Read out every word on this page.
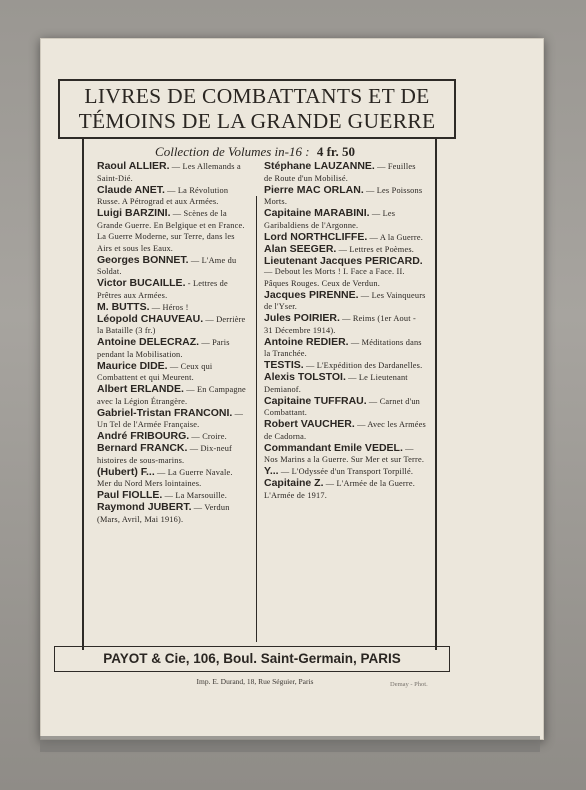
LIVRES DE COMBATTANTS ET DE
TÉMOINS DE LA GRANDE GUERRE
Collection de Volumes in-16 : 4 fr. 50
Raoul ALLIER. — Les Allemands a Saint-Dié.
Claude ANET. — La Révolution Russe. A Pétrograd et aux Armées.
Luigi BARZINI. — Scènes de la Grande Guerre. En Belgique et en France. La Guerre Moderne, sur Terre, dans les Airs et sous les Eaux.
Georges BONNET. — L'Ame du Soldat.
Victor BUCAILLE. - Lettres de Prêtres aux Armées.
M. BUTTS. — Héros !
Léopold CHAUVEAU. — Derrière la Bataille (3 fr.)
Antoine DELECRAZ. — Paris pendant la Mobilisation.
Maurice DIDE. — Ceux qui Combattent et qui Meurent.
Albert ERLANDE. — En Campagne avec la Légion Étrangère.
Gabriel-Tristan FRANCONI. — Un Tel de l'Armée Française.
André FRIBOURG. — Croire.
Bernard FRANCK. — Dix-neuf histoires de sous-marins.
(Hubert) F... — La Guerre Navale. Mer du Nord Mers lointaines.
Paul FIOLLE. — La Marsouille.
Raymond JUBERT. — Verdun (Mars, Avril, Mai 1916).
Stéphane LAUZANNE. — Feuilles de Route d'un Mobilisé.
Pierre MAC ORLAN. — Les Poissons Morts.
Capitaine MARABINI. — Les Garibaldiens de l'Argonne.
Lord NORTHCLIFFE. — A la Guerre.
Alan SEEGER. — Lettres et Poèmes.
Lieutenant Jacques PERICARD. — Debout les Morts ! I. Face a Face. II. Pâques Rouges. Ceux de Verdun.
Jacques PIRENNE. — Les Vainqueurs de l'Yser.
Jules POIRIER. — Reims (1er Aout - 31 Décembre 1914).
Antoine REDIER. — Méditations dans la Tranchée.
TESTIS. — L'Expédition des Dardanelles.
Alexis TOLSTOI. — Le Lieutenant Demianof.
Capitaine TUFFRAU. — Carnet d'un Combattant.
Robert VAUCHER. — Avec les Armées de Cadorna.
Commandant Emile VEDEL. — Nos Marins a la Guerre. Sur Mer et sur Terre.
Y... — L'Odyssée d'un Transport Torpillé.
Capitaine Z. — L'Armée de la Guerre. L'Armée de 1917.
PAYOT & Cie, 106, Boul. Saint-Germain, PARIS
Imp. E. Durand, 18, Rue Séguier, Paris	Demay - Phot.
